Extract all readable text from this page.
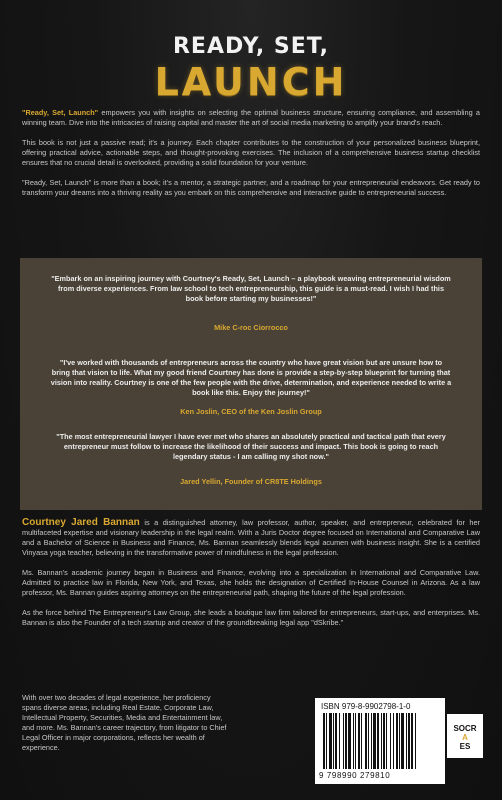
READY, SET,
LAUNCH

"Ready, Set, Launch" empowers you with insights on selecting the optimal business structure, ensuring compliance, and assembling a winning team. Dive into the intricacies of raising capital and master the art of social media marketing to amplify your brand's reach.

This book is not just a passive read; it's a journey. Each chapter contributes to the construction of your personalized business blueprint, offering practical advice, actionable steps, and thought-provoking exercises. The inclusion of a comprehensive business startup checklist ensures that no crucial detail is overlooked, providing a solid foundation for your venture.

"Ready, Set, Launch" is more than a book; it's a mentor, a strategic partner, and a roadmap for your entrepreneurial endeavors. Get ready to transform your dreams into a thriving reality as you embark on this comprehensive and interactive guide to entrepreneurial success.

"Embark on an inspiring journey with Courtney's Ready, Set, Launch – a playbook weaving entrepreneurial wisdom from diverse experiences. From law school to tech entrepreneurship, this guide is a must-read. I wish I had this book before starting my businesses!"
Mike C-roc Ciorrocco
"I've worked with thousands of entrepreneurs across the country who have great vision but are unsure how to bring that vision to life. What my good friend Courtney has done is provide a step-by-step blueprint for turning that vision into reality. Courtney is one of the few people with the drive, determination, and experience needed to write a book like this. Enjoy the journey!"
Ken Joslin, CEO of the Ken Joslin Group
"The most entrepreneurial lawyer I have ever met who shares an absolutely practical and tactical path that every entrepreneur must follow to increase the likelihood of their success and impact. This book is going to reach legendary status - I am calling my shot now."
Jared Yellin, Founder of CR8TE Holdings

Courtney Jared Bannan is a distinguished attorney, law professor, author, speaker, and entrepreneur, celebrated for her multifaceted expertise and visionary leadership in the legal realm. With a Juris Doctor degree focused on International and Comparative Law and a Bachelor of Science in Business and Finance, Ms. Bannan seamlessly blends legal acumen with business insight. She is a certified Vinyasa yoga teacher, believing in the transformative power of mindfulness in the legal profession.

Ms. Bannan's academic journey began in Business and Finance, evolving into a specialization in International and Comparative Law. Admitted to practice law in Florida, New York, and Texas, she holds the designation of Certified In-House Counsel in Arizona. As a law professor, Ms. Bannan guides aspiring attorneys on the entrepreneurial path, shaping the future of the legal profession.

As the force behind The Entrepreneur's Law Group, she leads a boutique law firm tailored for entrepreneurs, start-ups, and enterprises. Ms. Bannan is also the Founder of a tech startup and creator of the groundbreaking legal app "dSkribe."

With over two decades of legal experience, her proficiency spans diverse areas, including Real Estate, Corporate Law, Intellectual Property, Securities, Media and Entertainment law, and more. Ms. Bannan's career trajectory, from litigator to Chief Legal Officer in major corporations, reflects her wealth of experience.
ISBN 979-8-9902798-1-0
9 798990 279810
SOCR
A
ES
